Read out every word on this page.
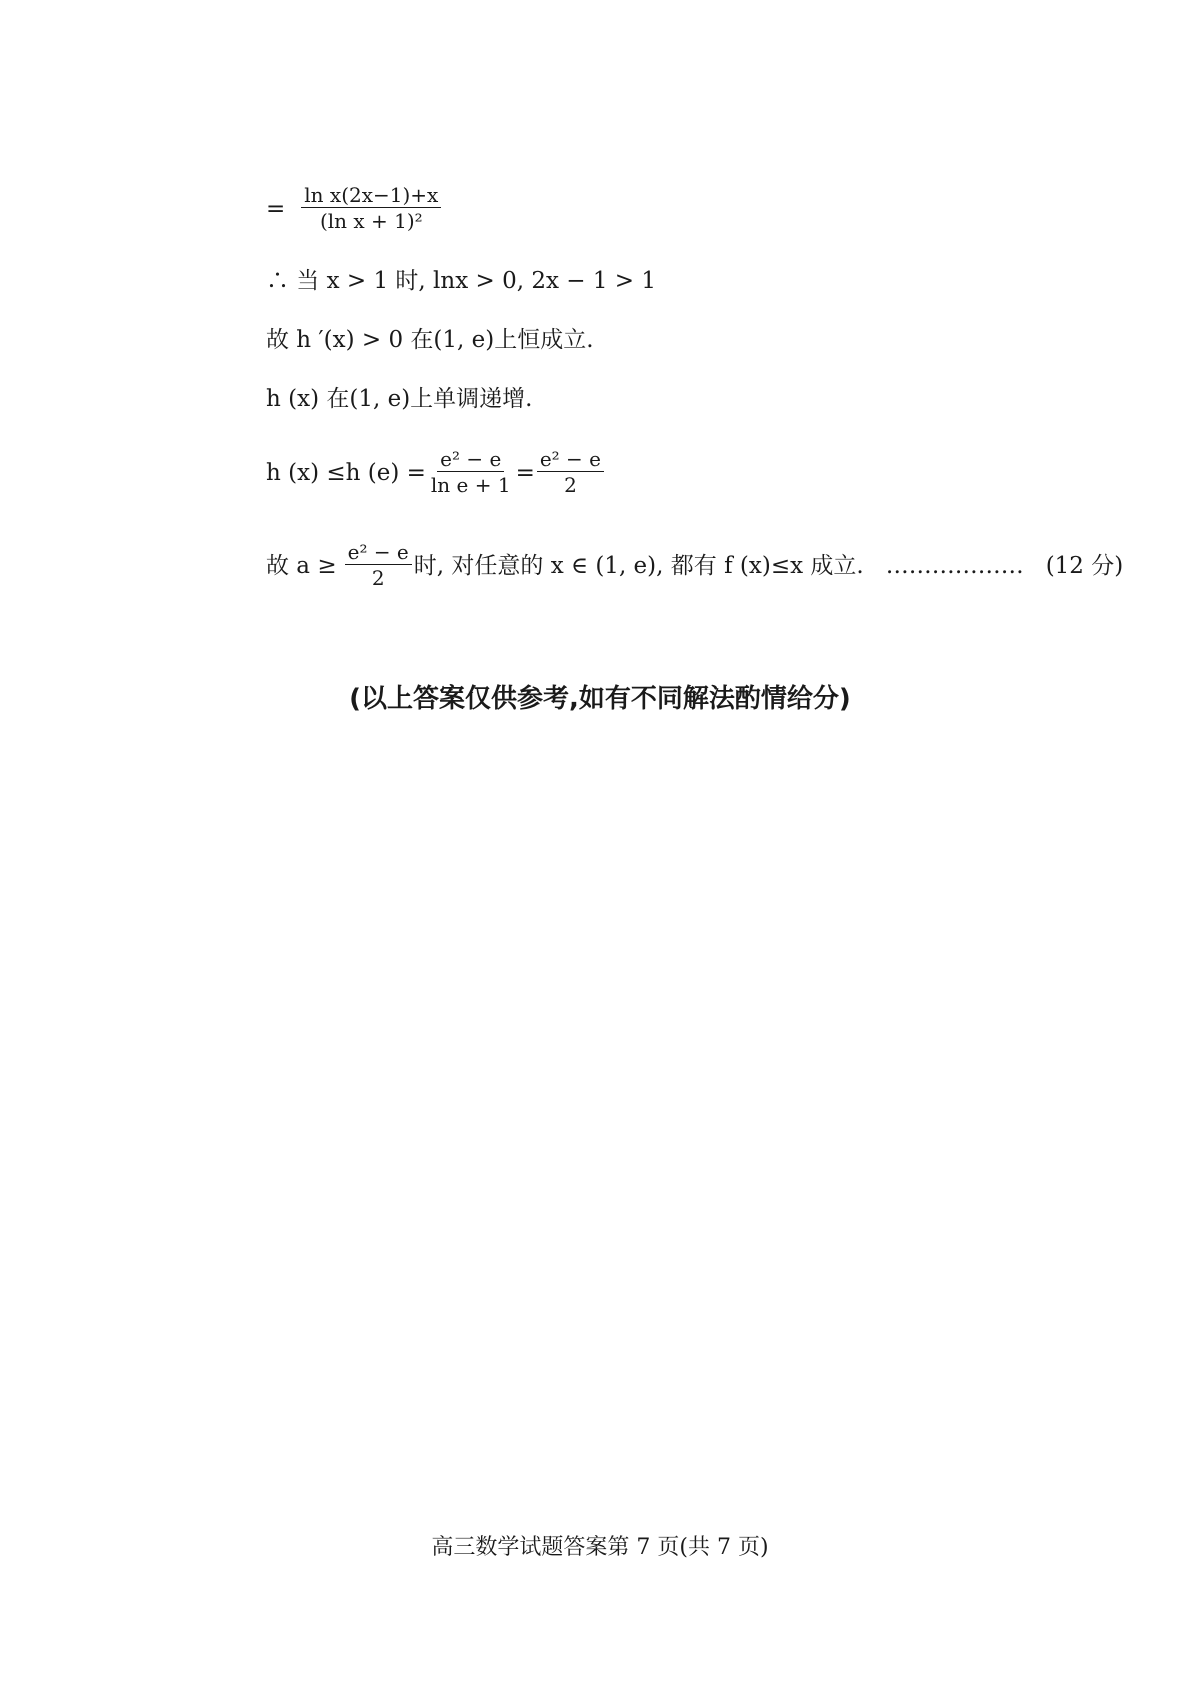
= $\frac{\text{ln x(2x−1)+x}}{\text{(ln x + 1)²}}$
∴ 当 x > 1 时, lnx > 0, 2x − 1 > 1
故 h ′(x) > 0 在(1, e)上恒成立.
h (x) 在(1, e)上单调递增.
h (x) ≤h $(e) = \frac{\text{e² − e}}{\text{ln e + 1}} = \frac{\text{e² − e}}{2}$
故 $a \ge \frac{\text{e² − e}}{2}$ 时, 对任意的 x ∈ (1, e), 都有 f (x)≤x 成立. ……………… (12 分)
(以上答案仅供参考,如有不同解法酌情给分)
高三数学试题答案第 7 页(共 7 页)
